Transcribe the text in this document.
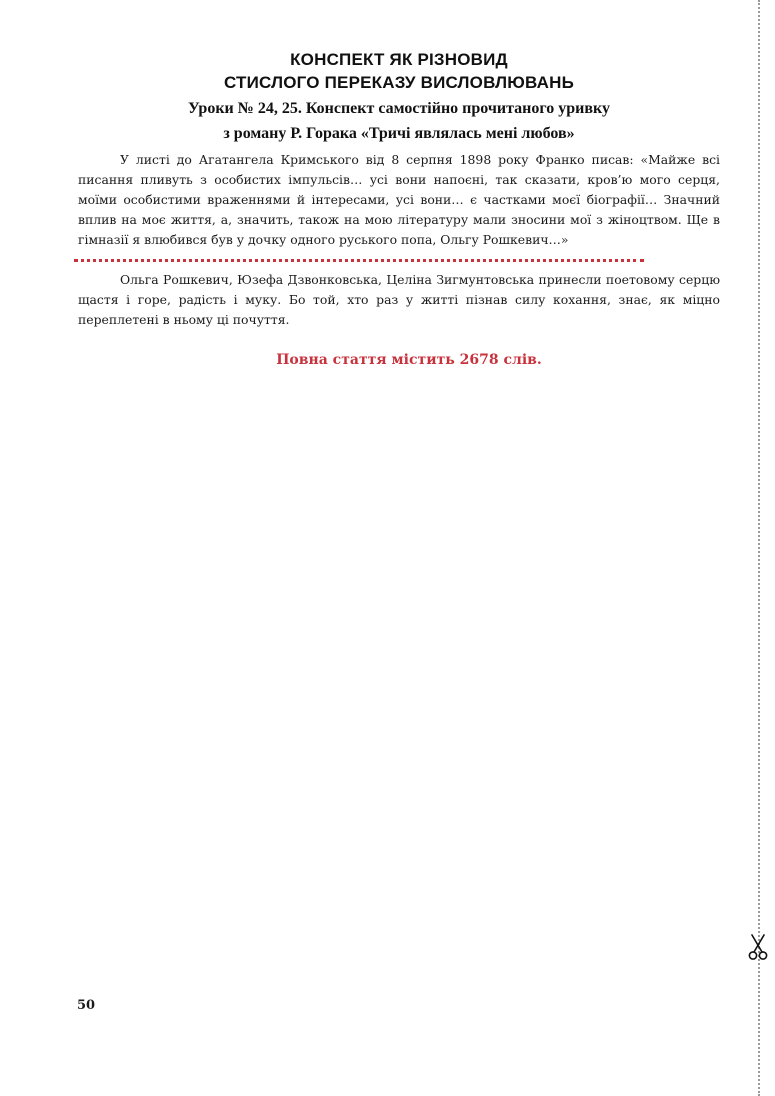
КОНСПЕКТ ЯК РІЗНОВИД
СТИСЛОГО ПЕРЕКАЗУ ВИСЛОВЛЮВАНЬ
Уроки № 24, 25. Конспект самостійно прочитаного уривку
з роману Р. Горака «Тричі являлась мені любов»

У листі до Агатангела Кримського від 8 серпня 1898 року Франко писав: «Майже всі писання пливуть з особистих імпульсів… усі вони напоєні, так сказати, кров’ю мого серця, моїми особистими враженнями й інтересами, усі вони… є частками моєї біографії… Значний вплив на моє життя, а, значить, також на мою літературу мали зносини мої з жіноцтвом. Ще в гімназії я влюбився був у дочку одного руського попа, Ольгу Рошкевич…»

Ольга Рошкевич, Юзефа Дзвонковська, Целіна Зигмунтовська принесли поетовому серцю щастя і горе, радість і муку. Бо той, хто раз у житті пізнав силу кохання, знає, як міцно переплетені в ньому ці почуття.

Повна стаття містить 2678 слів.

50
